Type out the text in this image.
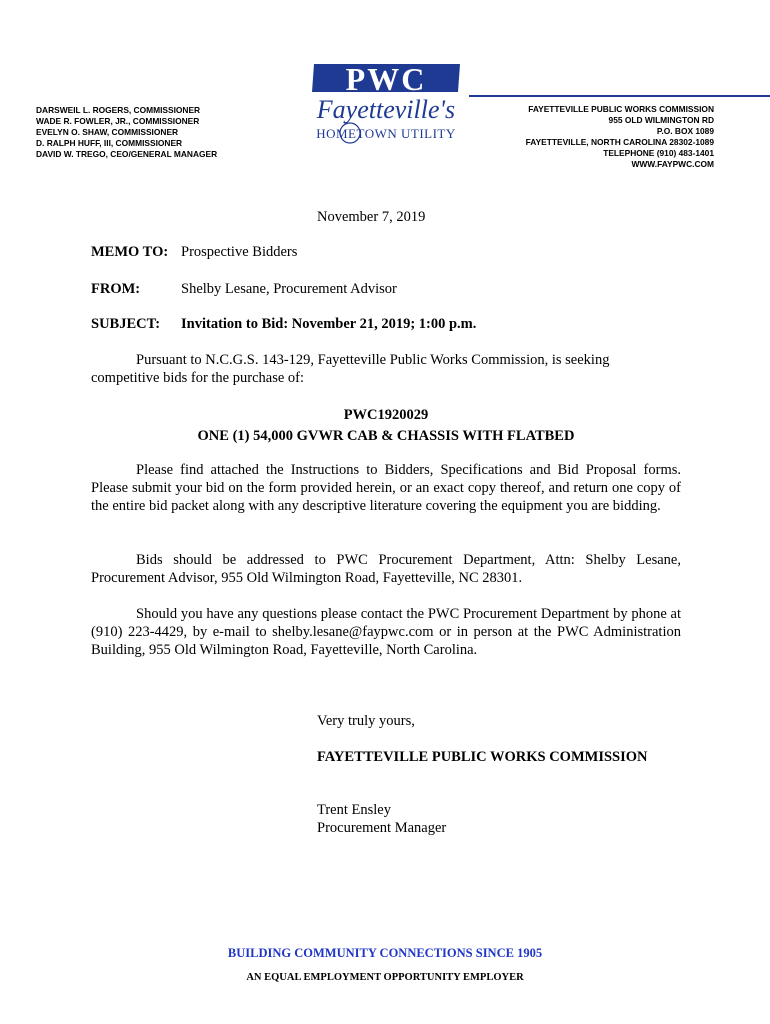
DARSWEIL L. ROGERS, COMMISSIONER
WADE R. FOWLER, JR., COMMISSIONER
EVELYN O. SHAW, COMMISSIONER
D. RALPH HUFF, III, COMMISSIONER
DAVID W. TREGO, CEO/GENERAL MANAGER
PWC
Fayetteville's
HOMETOWN UTILITY
FAYETTEVILLE PUBLIC WORKS COMMISSION
955 OLD WILMINGTON RD
P.O. BOX 1089
FAYETTEVILLE, NORTH CAROLINA 28302-1089
TELEPHONE (910) 483-1401
WWW.FAYPWC.COM
November 7, 2019
MEMO TO: Prospective Bidders
FROM:	Shelby Lesane, Procurement Advisor
SUBJECT: Invitation to Bid: November 21, 2019; 1:00 p.m.
Pursuant to N.C.G.S. 143-129, Fayetteville Public Works Commission, is seeking competitive bids for the purchase of:
PWC1920029
ONE (1) 54,000 GVWR CAB & CHASSIS WITH FLATBED
Please find attached the Instructions to Bidders, Specifications and Bid Proposal forms. Please submit your bid on the form provided herein, or an exact copy thereof, and return one copy of the entire bid packet along with any descriptive literature covering the equipment you are bidding.
Bids should be addressed to PWC Procurement Department, Attn: Shelby Lesane, Procurement Advisor, 955 Old Wilmington Road, Fayetteville, NC 28301.
Should you have any questions please contact the PWC Procurement Department by phone at (910) 223-4429, by e-mail to shelby.lesane@faypwc.com or in person at the PWC Administration Building, 955 Old Wilmington Road, Fayetteville, North Carolina.
Very truly yours,
FAYETTEVILLE PUBLIC WORKS COMMISSION
Trent Ensley
Procurement Manager
BUILDING COMMUNITY CONNECTIONS SINCE 1905
AN EQUAL EMPLOYMENT OPPORTUNITY EMPLOYER
